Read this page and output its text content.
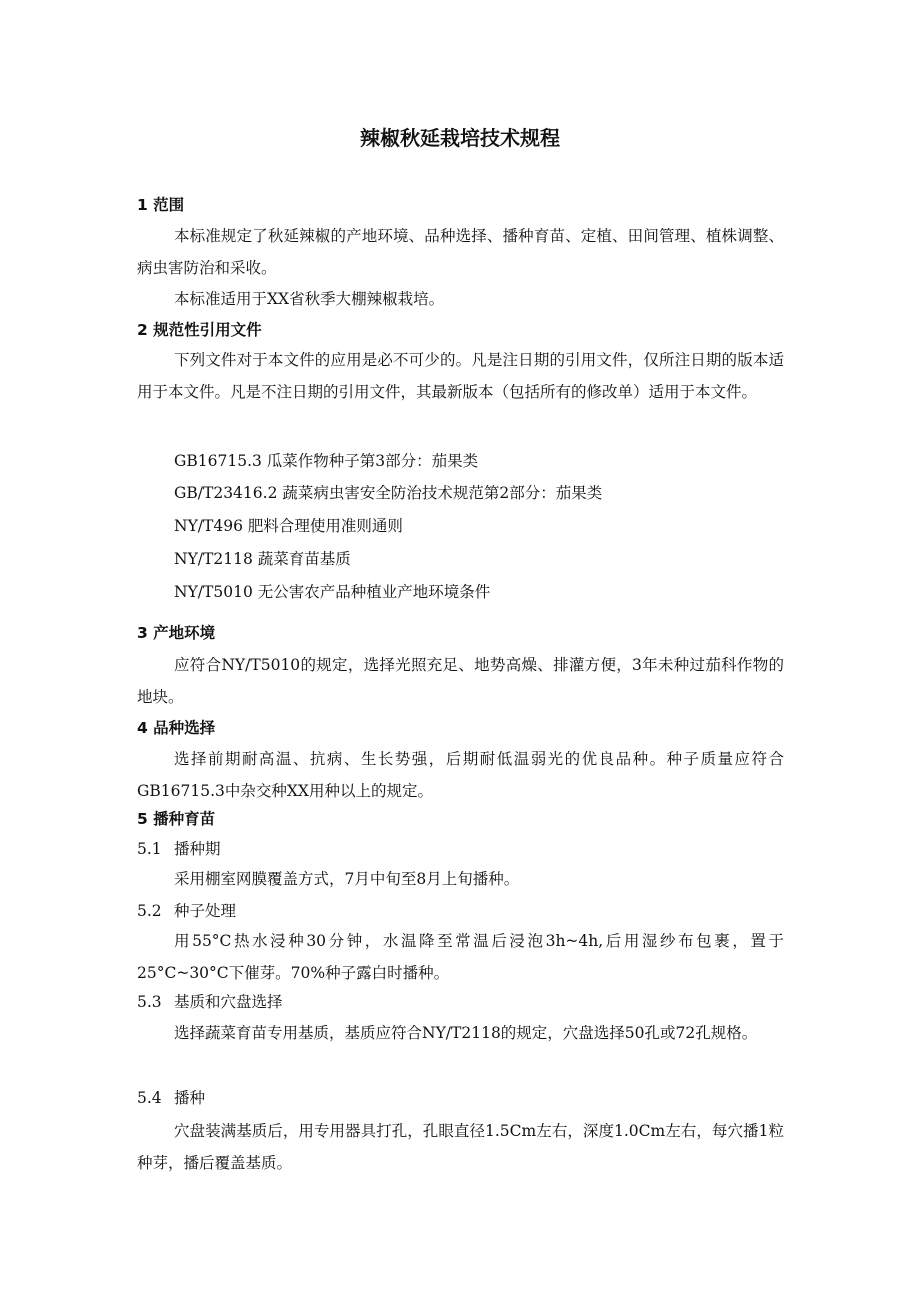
辣椒秋延栽培技术规程
1 范围
本标准规定了秋延辣椒的产地环境、品种选择、播种育苗、定植、田间管理、植株调整、病虫害防治和采收。
本标准适用于XX省秋季大棚辣椒栽培。
2 规范性引用文件
下列文件对于本文件的应用是必不可少的。凡是注日期的引用文件，仅所注日期的版本适用于本文件。凡是不注日期的引用文件，其最新版本（包括所有的修改单）适用于本文件。
GB16715.3 瓜菜作物种子第3部分：茄果类
GB/T23416.2 蔬菜病虫害安全防治技术规范第2部分：茄果类
NY/T496 肥料合理使用准则通则
NY/T2118 蔬菜育苗基质
NY/T5010 无公害农产品种植业产地环境条件
3 产地环境
应符合NY/T5010的规定，选择光照充足、地势高燥、排灌方便，3年未种过茄科作物的地块。
4 品种选择
选择前期耐高温、抗病、生长势强，后期耐低温弱光的优良品种。种子质量应符合GB16715.3中杂交种XX用种以上的规定。
5 播种育苗
5.1 播种期
采用棚室网膜覆盖方式，7月中旬至8月上旬播种。
5.2 种子处理
用55°C热水浸种30分钟，水温降至常温后浸泡3h~4h,后用湿纱布包裹，置于25°C~30°C下催芽。70%种子露白时播种。
5.3 基质和穴盘选择
选择蔬菜育苗专用基质，基质应符合NY/T2118的规定，穴盘选择50孔或72孔规格。
5.4 播种
穴盘装满基质后，用专用器具打孔，孔眼直径1.5Cm左右，深度1.0Cm左右，每穴播1粒种芽，播后覆盖基质。
